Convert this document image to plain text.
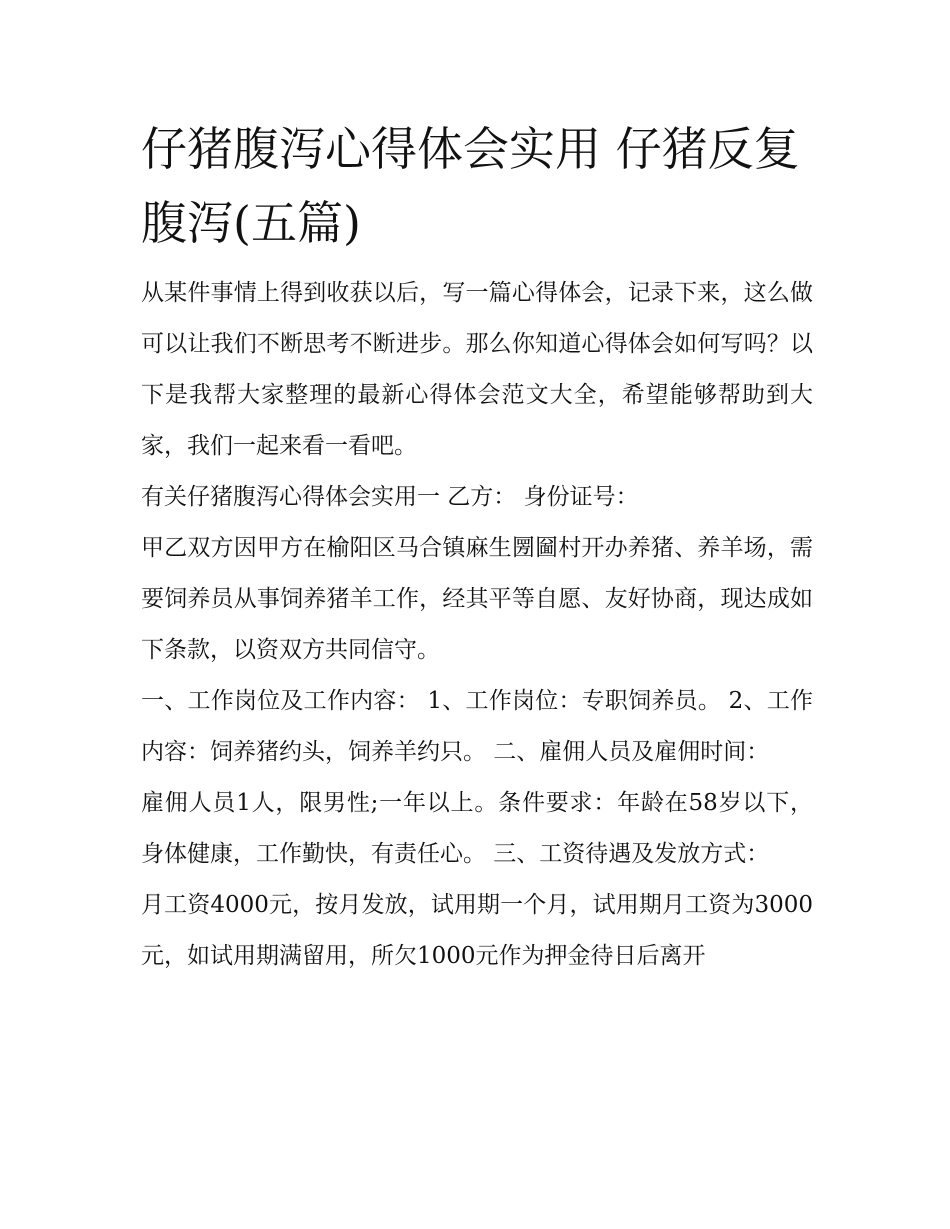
仔猪腹泻心得体会实用 仔猪反复腹泻(五篇)

从某件事情上得到收获以后，写一篇心得体会，记录下来，这么做可以让我们不断思考不断进步。那么你知道心得体会如何写吗？以下是我帮大家整理的最新心得体会范文大全，希望能够帮助到大家，我们一起来看一看吧。

有关仔猪腹泻心得体会实用一 乙方： 身份证号：

甲乙双方因甲方在榆阳区马合镇麻生圐圙村开办养猪、养羊场，需要饲养员从事饲养猪羊工作，经其平等自愿、友好协商，现达成如下条款，以资双方共同信守。

一、工作岗位及工作内容： 1、工作岗位：专职饲养员。 2、工作内容：饲养猪约头，饲养羊约只。 二、雇佣人员及雇佣时间：

雇佣人员1人，限男性;一年以上。条件要求：年龄在58岁以下，身体健康，工作勤快，有责任心。 三、工资待遇及发放方式：

月工资4000元，按月发放，试用期一个月，试用期月工资为3000元，如试用期满留用，所欠1000元作为押金待日后离开
